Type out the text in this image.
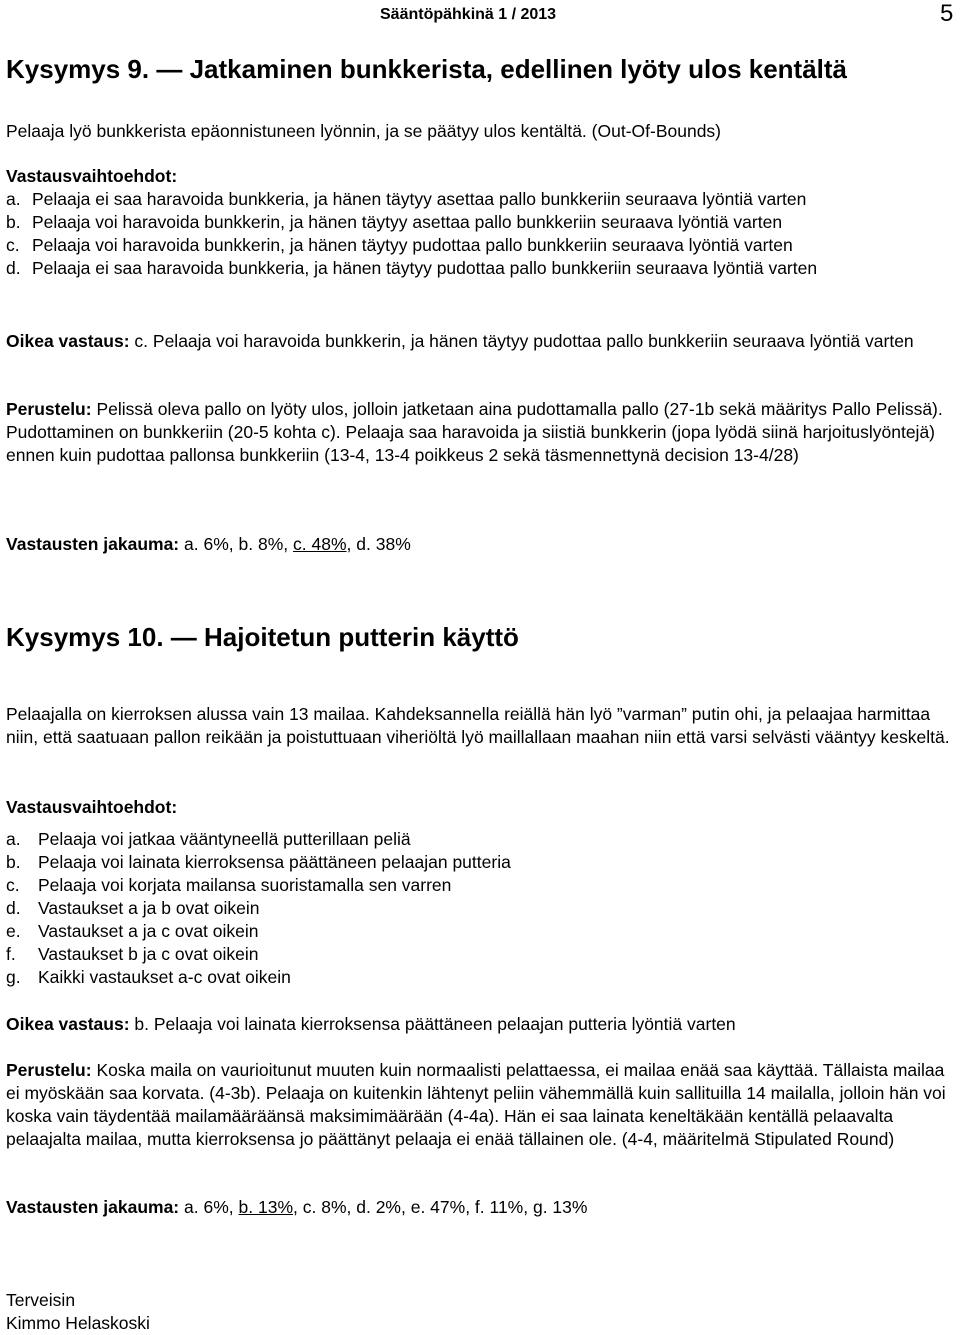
Sääntöpähkinä 1 / 2013	5
Kysymys 9. — Jatkaminen bunkkerista, edellinen lyöty ulos kentältä
Pelaaja lyö bunkkerista epäonnistuneen lyönnin, ja se päätyy ulos kentältä. (Out-Of-Bounds)
Vastausvaihtoehdot:
a. Pelaaja ei saa haravoida bunkkeria, ja hänen täytyy asettaa pallo bunkkeriin seuraava lyöntiä varten
b. Pelaaja voi haravoida bunkkerin, ja hänen täytyy asettaa pallo bunkkeriin seuraava lyöntiä varten
c. Pelaaja voi haravoida bunkkerin, ja hänen täytyy pudottaa pallo bunkkeriin seuraava lyöntiä varten
d. Pelaaja ei saa haravoida bunkkeria, ja hänen täytyy pudottaa pallo bunkkeriin seuraava lyöntiä varten
Oikea vastaus: c. Pelaaja voi haravoida bunkkerin, ja hänen täytyy pudottaa pallo bunkkeriin seuraava lyöntiä varten
Perustelu: Pelissä oleva pallo on lyöty ulos, jolloin jatketaan aina pudottamalla pallo (27-1b sekä määritys Pallo Pelissä). Pudottaminen on bunkkeriin (20-5 kohta c). Pelaaja saa haravoida ja siistiä bunkkerin (jopa lyödä siinä harjoituslyöntejä) ennen kuin pudottaa pallonsa bunkkeriin (13-4, 13-4 poikkeus 2 sekä täsmennettynä decision 13-4/28)
Vastausten jakauma: a. 6%, b. 8%, c. 48%, d. 38%
Kysymys 10. — Hajoitetun putterin käyttö
Pelaajalla on kierroksen alussa vain 13 mailaa. Kahdeksannella reiällä hän lyö ”varman” putin ohi, ja pelaajaa harmittaa niin, että saatuaan pallon reikään ja poistuttuaan viheriöltä lyö maillallaan maahan niin että varsi selvästi vääntyy keskeltä.
Vastausvaihtoehdot:
a. Pelaaja voi jatkaa vääntyneellä putterillaan peliä
b. Pelaaja voi lainata kierroksensa päättäneen pelaajan putteria
c.	Pelaaja voi korjata mailansa suoristamalla sen varren
d. Vastaukset a ja b ovat oikein
e. Vastaukset a ja c ovat oikein
f.	Vastaukset b ja c ovat oikein
g. Kaikki vastaukset a-c ovat oikein
Oikea vastaus: b. Pelaaja voi lainata kierroksensa päättäneen pelaajan putteria lyöntiä varten
Perustelu: Koska maila on vaurioitunut muuten kuin normaalisti pelattaessa, ei mailaa enää saa käyttää. Tällaista mailaa ei myöskään saa korvata. (4-3b). Pelaaja on kuitenkin lähtenyt peliin vähemmällä kuin sallituilla 14 mailalla, jolloin hän voi koska vain täydentää mailamääräänsä maksimimäärään (4-4a). Hän ei saa lainata keneltäkään kentällä pelaavalta pelaajalta mailaa, mutta kierroksensa jo päättänyt pelaaja ei enää tällainen ole. (4-4, määritelmä Stipulated Round)
Vastausten jakauma: a. 6%, b. 13%, c. 8%, d. 2%, e. 47%, f. 11%, g. 13%
Terveisin
Kimmo Helaskoski
